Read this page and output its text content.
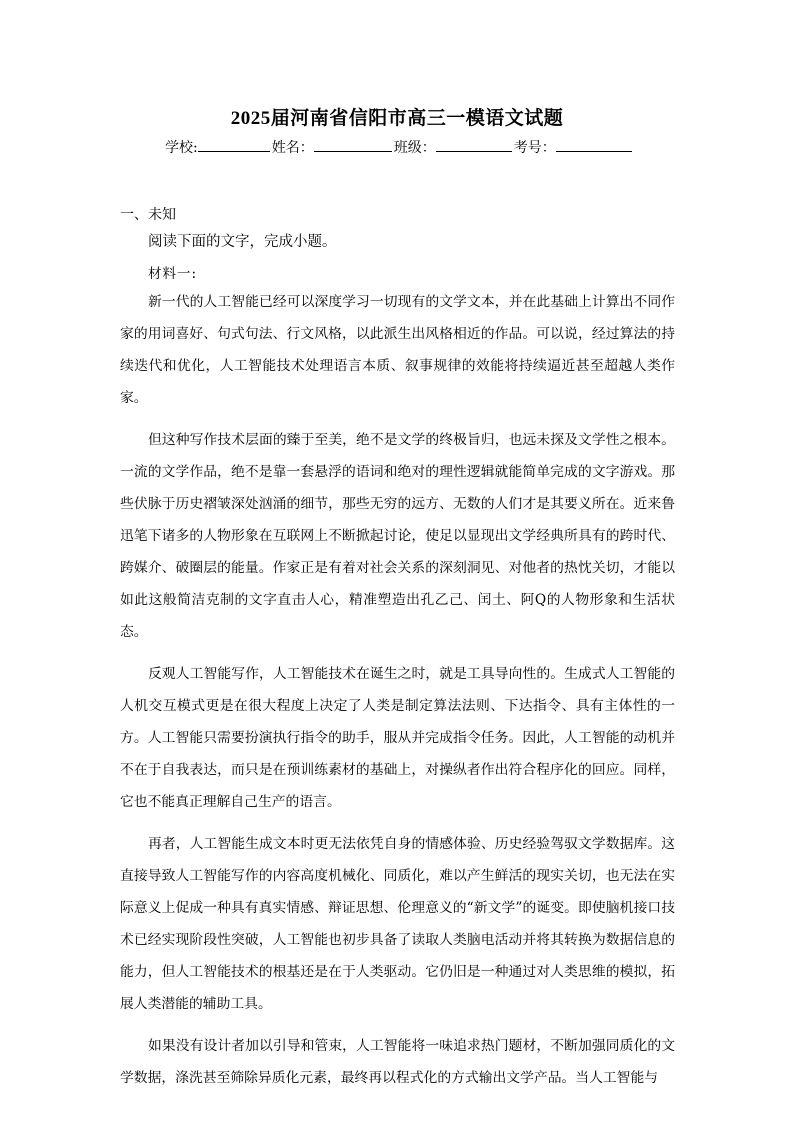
2025届河南省信阳市高三一模语文试题
学校:	姓名：	班级：	考号：
一、未知
阅读下面的文字，完成小题。
材料一:

新一代的人工智能已经可以深度学习一切现有的文学文本，并在此基础上计算出不同作家的用词喜好、句式句法、行文风格，以此派生出风格相近的作品。可以说，经过算法的持续迭代和优化，人工智能技术处理语言本质、叙事规律的效能将持续逼近甚至超越人类作家。

但这种写作技术层面的臻于至美，绝不是文学的终极旨归，也远未探及文学性之根本。一流的文学作品，绝不是靠一套悬浮的语词和绝对的理性逻辑就能简单完成的文字游戏。那些伏脉于历史褶皱深处汹涌的细节，那些无穷的远方、无数的人们才是其要义所在。近来鲁迅笔下诸多的人物形象在互联网上不断掀起讨论，使足以显现出文学经典所具有的跨时代、跨媒介、破圈层的能量。作家正是有着对社会关系的深刻洞见、对他者的热忱关切，才能以如此这般简洁克制的文字直击人心，精准塑造出孔乙己、闰土、阿Q的人物形象和生活状态。

反观人工智能写作，人工智能技术在诞生之时，就是工具导向性的。生成式人工智能的人机交互模式更是在很大程度上决定了人类是制定算法法则、下达指令、具有主体性的一方。人工智能只需要扮演执行指令的助手，服从并完成指令任务。因此，人工智能的动机并不在于自我表达，而只是在预训练素材的基础上，对操纵者作出符合程序化的回应。同样，它也不能真正理解自己生产的语言。

再者，人工智能生成文本时更无法依凭自身的情感体验、历史经验驾驭文学数据库。这直接导致人工智能写作的内容高度机械化、同质化，难以产生鲜活的现实关切，也无法在实际意义上促成一种具有真实情感、辩证思想、伦理意义的“新文学”的诞变。即使脑机接口技术已经实现阶段性突破，人工智能也初步具备了读取人类脑电活动并将其转换为数据信息的能力，但人工智能技术的根基还是在于人类驱动。它仍旧是一种通过对人类思维的模拟，拓展人类潜能的辅助工具。

如果没有设计者加以引导和管束，人工智能将一味追求热门题材，不断加强同质化的文学数据，涤洗甚至筛除异质化元素，最终再以程式化的方式输出文学产品。当人工智能与
